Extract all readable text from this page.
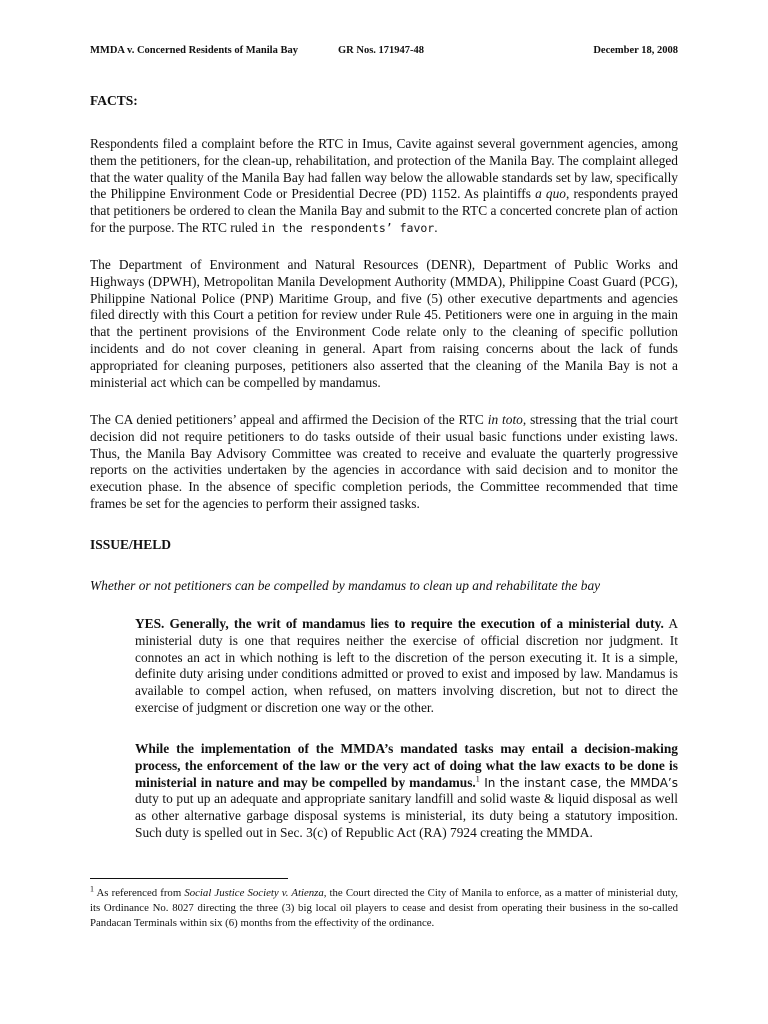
MMDA v. Concerned Residents of Manila Bay	GR Nos. 171947-48	December 18, 2008
FACTS:

Respondents filed a complaint before the RTC in Imus, Cavite against several government agencies, among them the petitioners, for the clean-up, rehabilitation, and protection of the Manila Bay. The complaint alleged that the water quality of the Manila Bay had fallen way below the allowable standards set by law, specifically the Philippine Environment Code or Presidential Decree (PD) 1152. As plaintiffs a quo, respondents prayed that petitioners be ordered to clean the Manila Bay and submit to the RTC a concerted concrete plan of action for the purpose. The RTC ruled in the respondents’ favor.

The Department of Environment and Natural Resources (DENR), Department of Public Works and Highways (DPWH), Metropolitan Manila Development Authority (MMDA), Philippine Coast Guard (PCG), Philippine National Police (PNP) Maritime Group, and five (5) other executive departments and agencies filed directly with this Court a petition for review under Rule 45. Petitioners were one in arguing in the main that the pertinent provisions of the Environment Code relate only to the cleaning of specific pollution incidents and do not cover cleaning in general. Apart from raising concerns about the lack of funds appropriated for cleaning purposes, petitioners also asserted that the cleaning of the Manila Bay is not a ministerial act which can be compelled by mandamus.

The CA denied petitioners’ appeal and affirmed the Decision of the RTC in toto, stressing that the trial court decision did not require petitioners to do tasks outside of their usual basic functions under existing laws. Thus, the Manila Bay Advisory Committee was created to receive and evaluate the quarterly progressive reports on the activities undertaken by the agencies in accordance with said decision and to monitor the execution phase. In the absence of specific completion periods, the Committee recommended that time frames be set for the agencies to perform their assigned tasks.

ISSUE/HELD
Whether or not petitioners can be compelled by mandamus to clean up and rehabilitate the bay

YES. Generally, the writ of mandamus lies to require the execution of a ministerial duty. A ministerial duty is one that requires neither the exercise of official discretion nor judgment. It connotes an act in which nothing is left to the discretion of the person executing it. It is a simple, definite duty arising under conditions admitted or proved to exist and imposed by law. Mandamus is available to compel action, when refused, on matters involving discretion, but not to direct the exercise of judgment or discretion one way or the other.

While the implementation of the MMDA’s mandated tasks may entail a decision-making process, the enforcement of the law or the very act of doing what the law exacts to be done is ministerial in nature and may be compelled by mandamus.$^1$ In the instant case, the MMDA’s duty to put up an adequate and appropriate sanitary landfill and solid waste & liquid disposal as well as other alternative garbage disposal systems is ministerial, its duty being a statutory imposition. Such duty is spelled out in Sec. 3(c) of Republic Act (RA) 7924 creating the MMDA.

$^1$ As referenced from Social Justice Society v. Atienza, the Court directed the City of Manila to enforce, as a matter of ministerial duty, its Ordinance No. 8027 directing the three (3) big local oil players to cease and desist from operating their business in the so-called Pandacan Terminals within six (6) months from the effectivity of the ordinance.
